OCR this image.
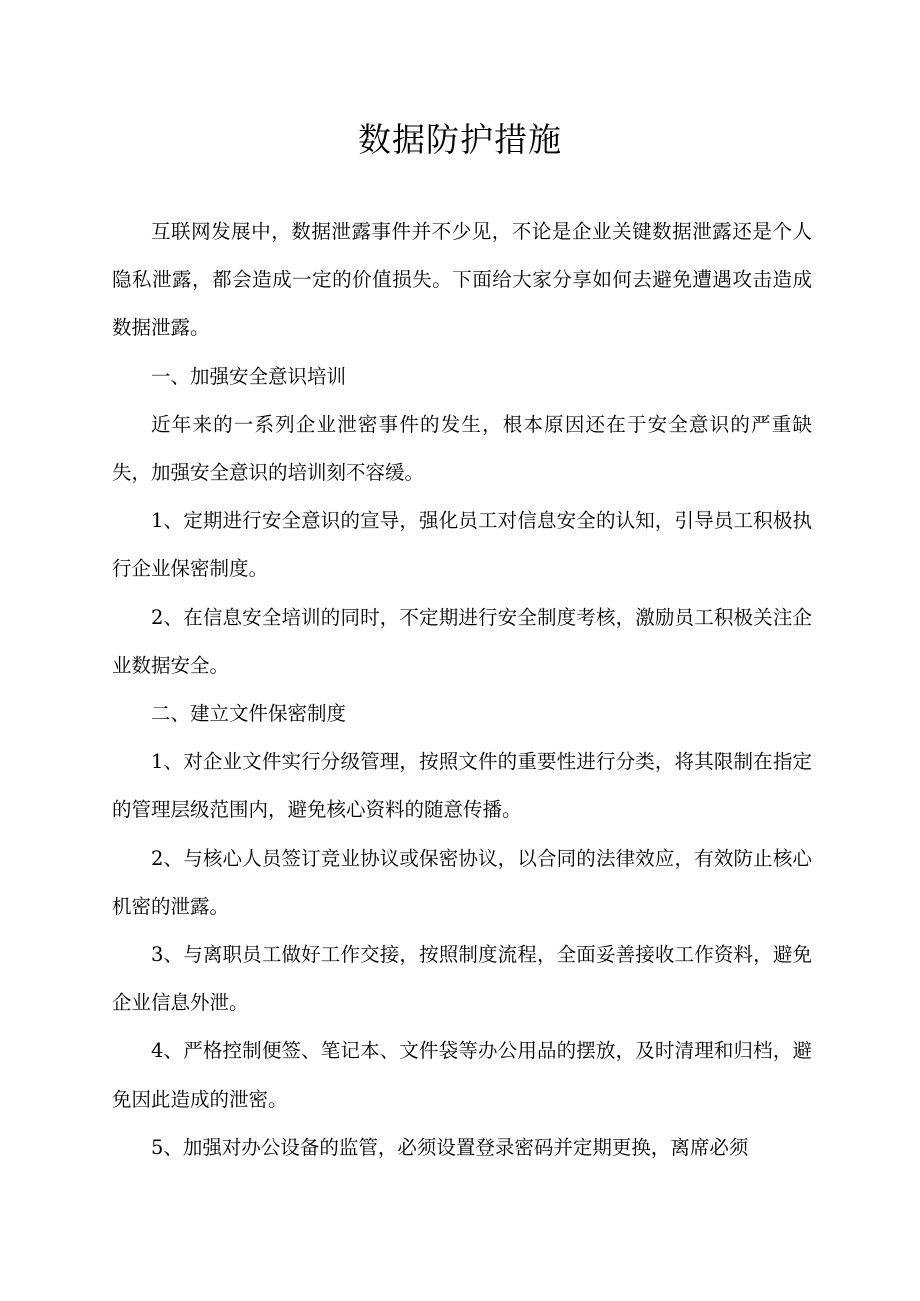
数据防护措施

互联网发展中，数据泄露事件并不少见，不论是企业关键数据泄露还是个人隐私泄露，都会造成一定的价值损失。下面给大家分享如何去避免遭遇攻击造成数据泄露。

一、加强安全意识培训

近年来的一系列企业泄密事件的发生，根本原因还在于安全意识的严重缺失，加强安全意识的培训刻不容缓。

1、定期进行安全意识的宣导，强化员工对信息安全的认知，引导员工积极执行企业保密制度。

2、在信息安全培训的同时，不定期进行安全制度考核，激励员工积极关注企业数据安全。

二、建立文件保密制度

1、对企业文件实行分级管理，按照文件的重要性进行分类，将其限制在指定的管理层级范围内，避免核心资料的随意传播。

2、与核心人员签订竞业协议或保密协议，以合同的法律效应，有效防止核心机密的泄露。

3、与离职员工做好工作交接，按照制度流程，全面妥善接收工作资料，避免企业信息外泄。

4、严格控制便签、笔记本、文件袋等办公用品的摆放，及时清理和归档，避免因此造成的泄密。

5、加强对办公设备的监管，必须设置登录密码并定期更换，离席必须
